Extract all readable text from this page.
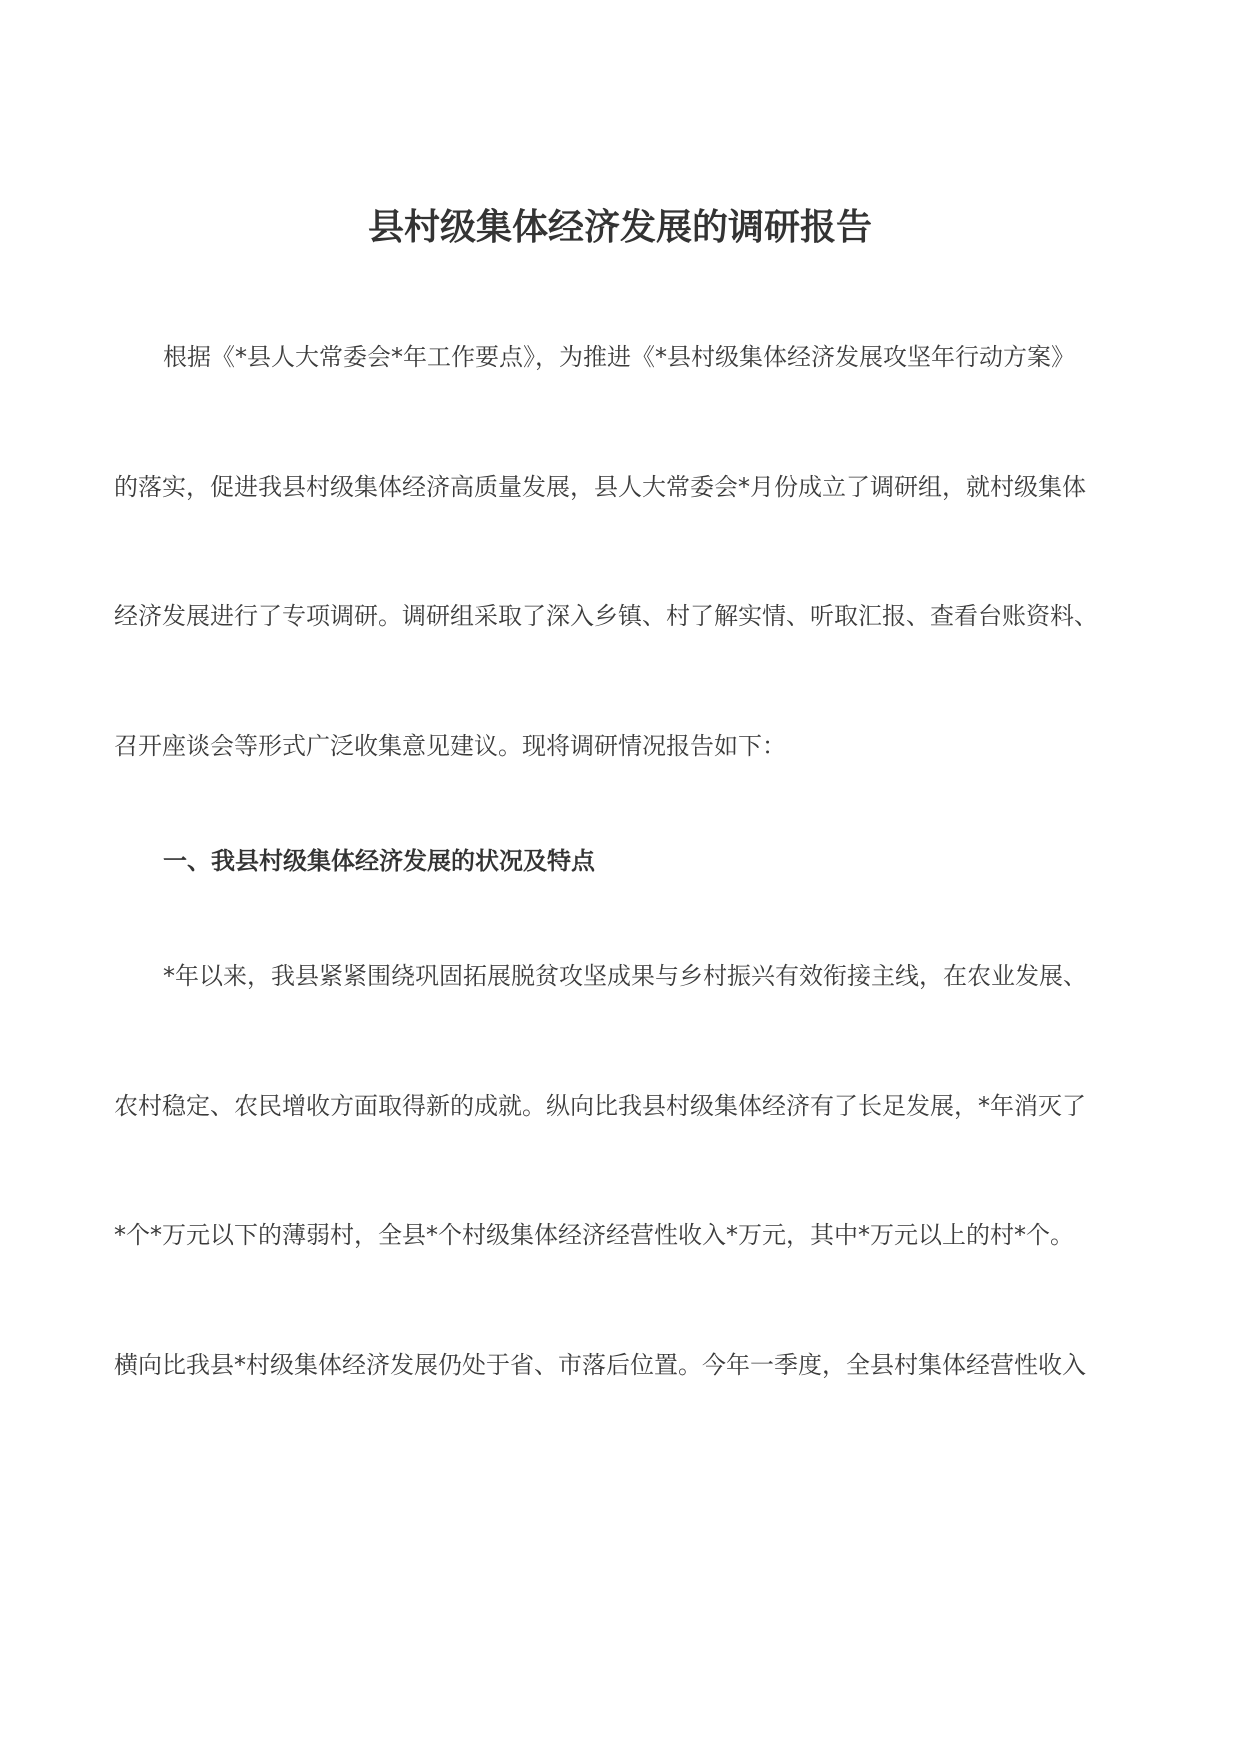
县村级集体经济发展的调研报告
根据《*县人大常委会*年工作要点》，为推进《*县村级集体经济发展攻坚年行动方案》
的落实，促进我县村级集体经济高质量发展，县人大常委会*月份成立了调研组，就村级集体
经济发展进行了专项调研。调研组采取了深入乡镇、村了解实情、听取汇报、查看台账资料、
召开座谈会等形式广泛收集意见建议。现将调研情况报告如下：
一、我县村级集体经济发展的状况及特点
*年以来，我县紧紧围绕巩固拓展脱贫攻坚成果与乡村振兴有效衔接主线，在农业发展、
农村稳定、农民增收方面取得新的成就。纵向比我县村级集体经济有了长足发展，*年消灭了
*个*万元以下的薄弱村，全县*个村级集体经济经营性收入*万元，其中*万元以上的村*个。
横向比我县*村级集体经济发展仍处于省、市落后位置。今年一季度，全县村集体经营性收入
